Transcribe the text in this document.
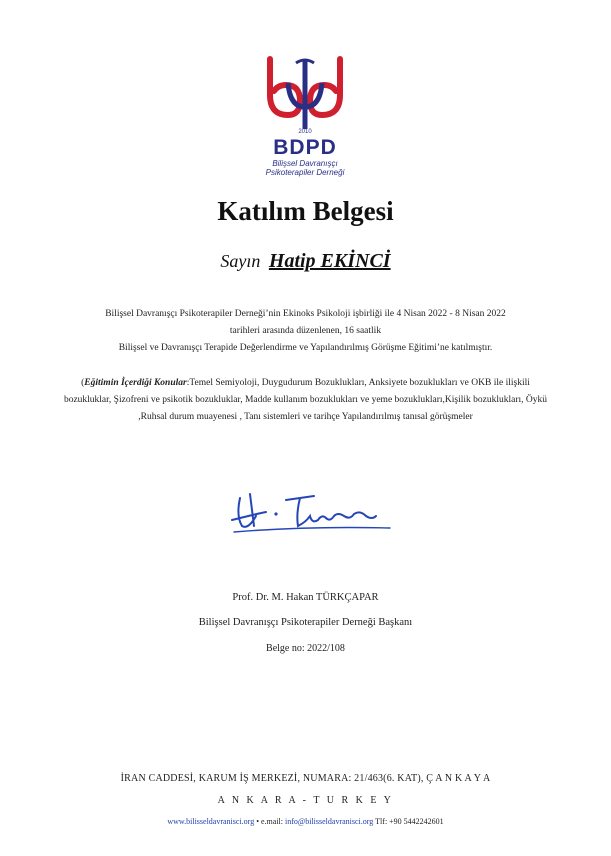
2010
BDPD
Bilişsel Davranışçı
Psikoterapiler Derneği
Katılım Belgesi
Sayın Hatip EKİNCİ
Bilişsel Davranışçı Psikoterapiler Derneği’nin Ekinoks Psikoloji işbirliği ile 4 Nisan 2022 - 8 Nisan 2022
tarihleri arasında düzenlenen, 16 saatlik
Bilişsel ve Davranışçı Terapide Değerlendirme ve Yapılandırılmış Görüşme Eğitimi’ne katılmıştır.
(Eğitimin İçerdiği Konular:Temel Semiyoloji, Duygudurum Bozuklukları, Anksiyete bozuklukları ve OKB ile ilişkili bozukluklar, Şizofreni ve psikotik bozukluklar, Madde kullanım bozuklukları ve yeme bozuklukları,Kişilik bozuklukları, Öykü ,Ruhsal durum muayenesi , Tanı sistemleri ve tarihçe Yapılandırılmış tanısal görüşmeler
Prof. Dr. M. Hakan TÜRKÇAPAR
Bilişsel Davranışçı Psikoterapiler Derneği Başkanı
Belge no: 2022/108
İRAN CADDESİ, KARUM İŞ MERKEZİ, NUMARA: 21/463(6. KAT), Ç A N K A Y A
A N K A R A - T U R K E Y
www.bilisseldavranisci.org • e.mail: info@bilisseldavranisci.org Tlf: +90 5442242601
